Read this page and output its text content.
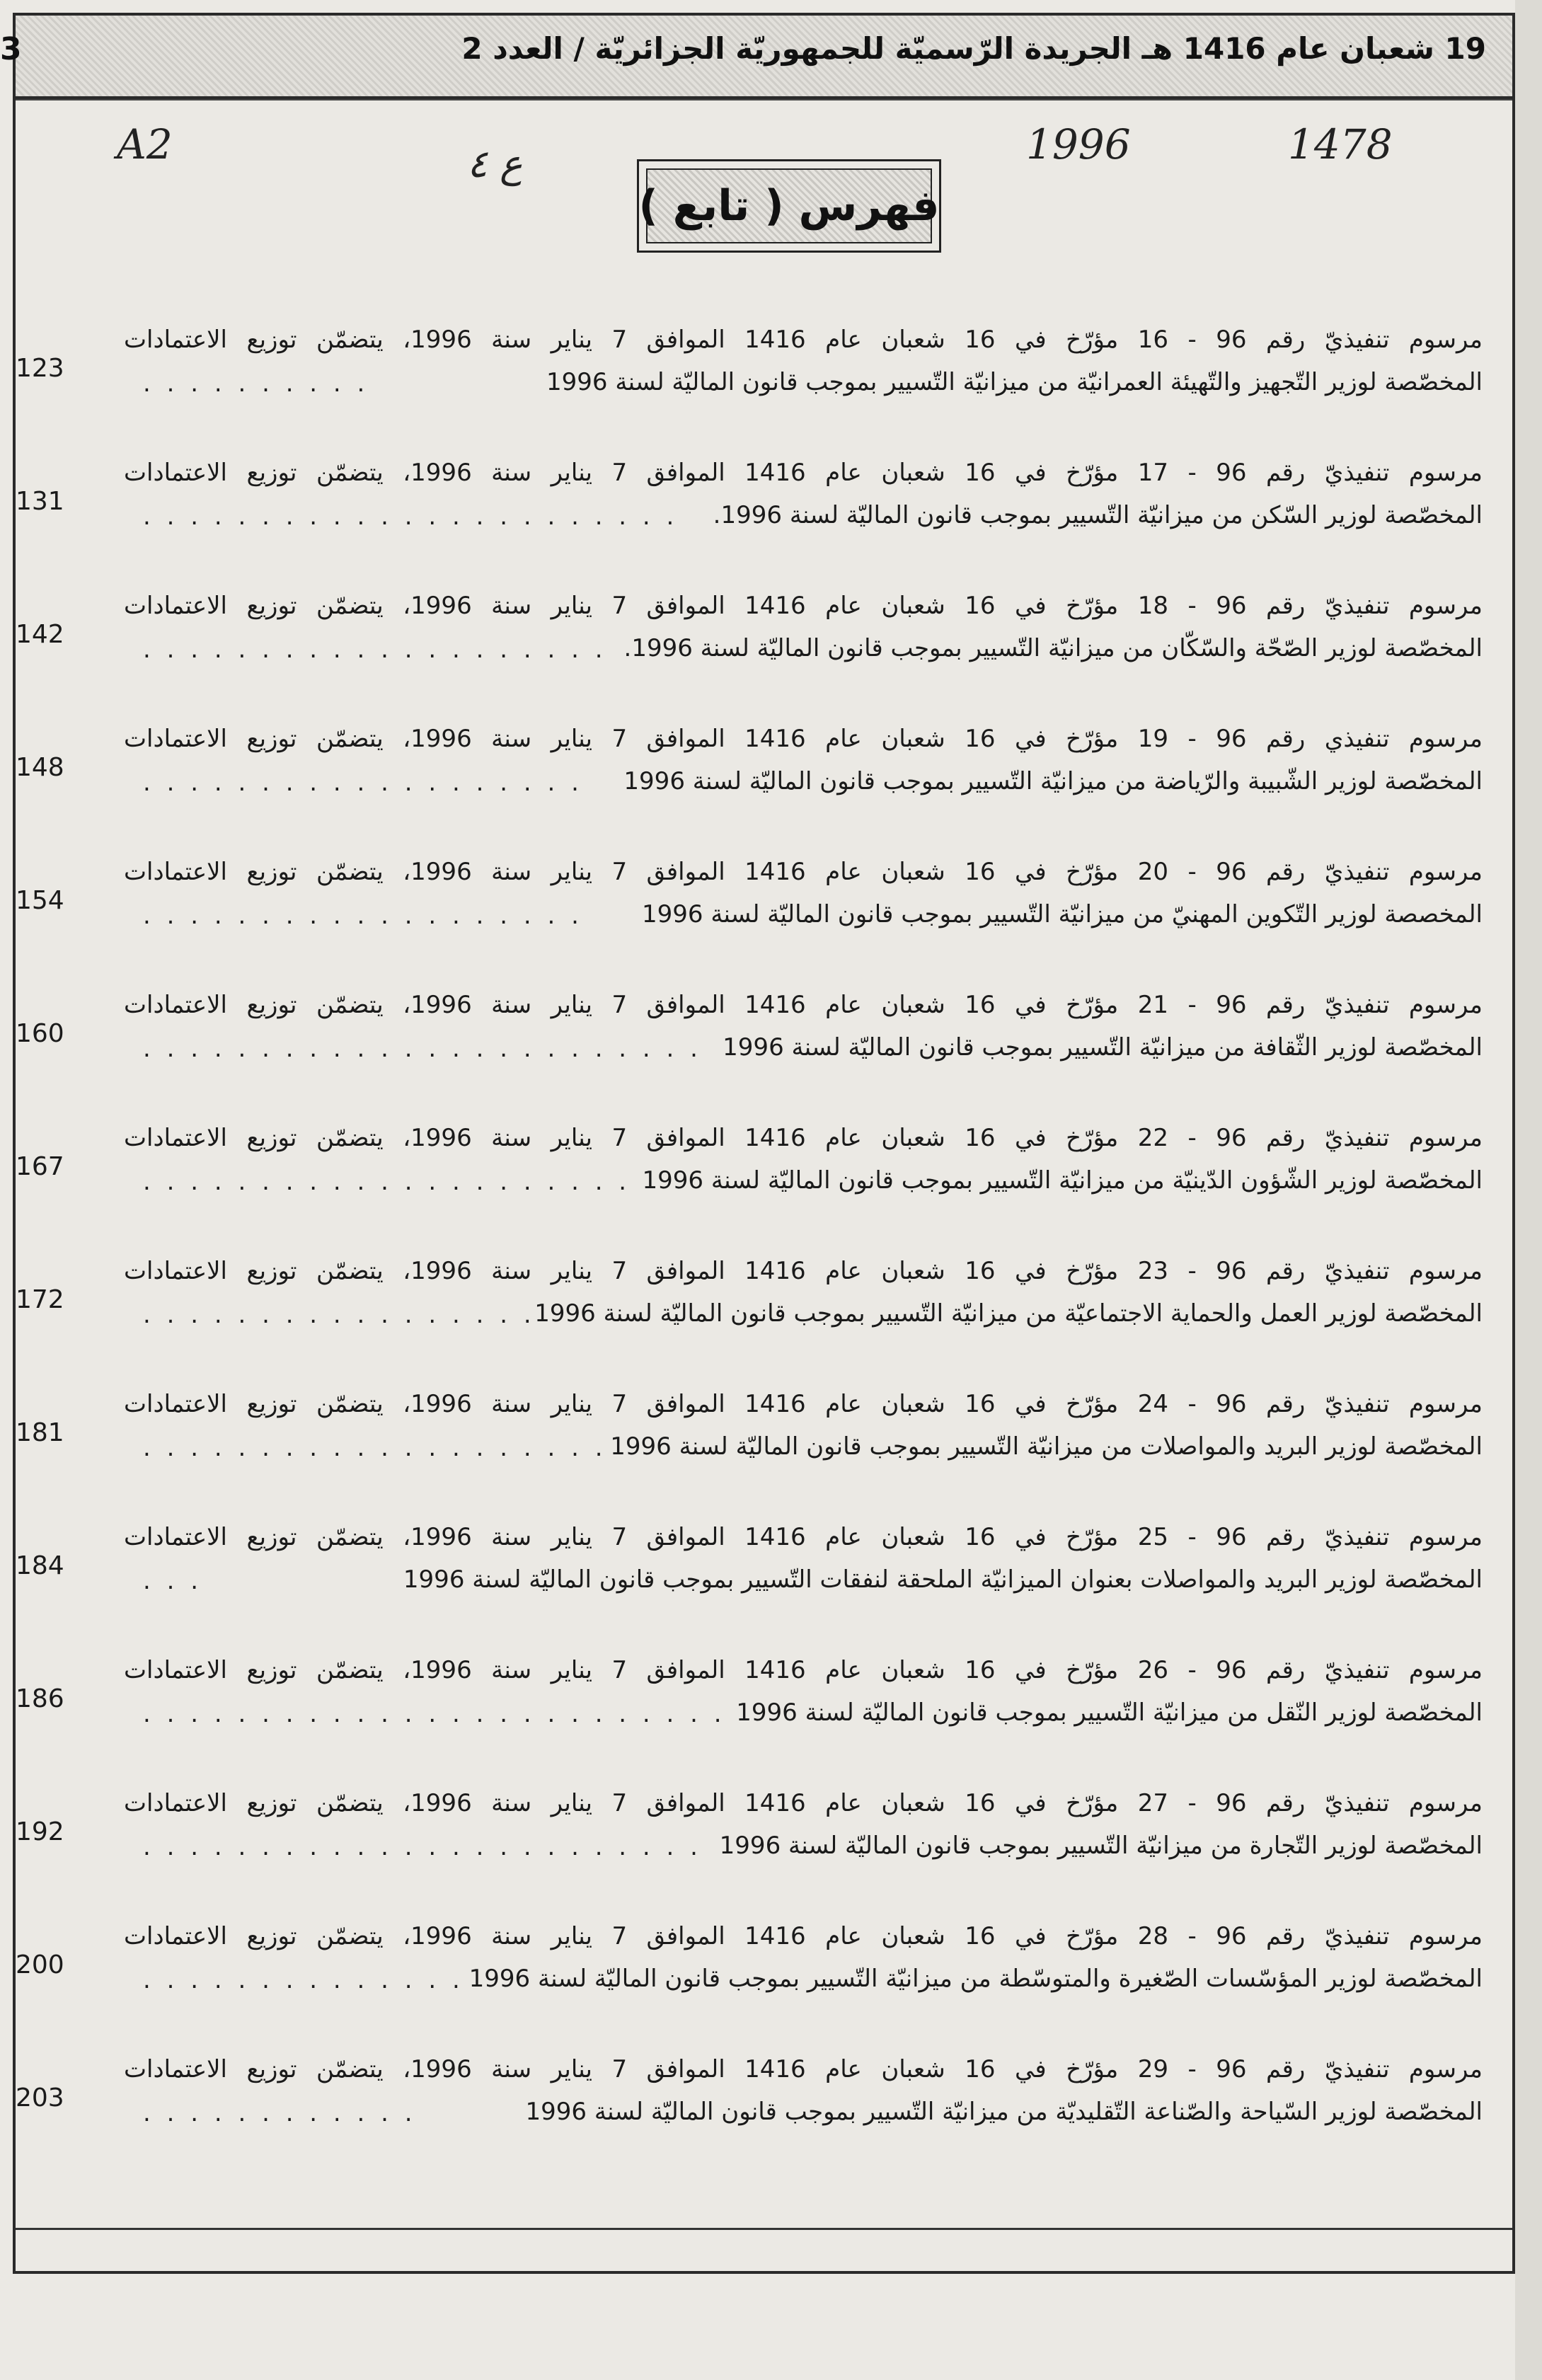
3	19 شعبان عام 1416 هـ الجريدة الرّسميّة للجمهوريّة الجزائريّة / العدد 2
A2	ع ٤	1996	1478
فهرس ( تابع )
مرسوم تنفيذيّ رقم 96 - 16 مؤرّخ في 16 شعبان عام 1416 الموافق 7 يناير سنة 1996، يتضمّن توزيع الاعتمادات
المخصّصة لوزير التّجهيز والتّهيئة العمرانيّة من ميزانيّة التّسيير بموجب قانون الماليّة لسنة 1996
. . . . . . . . . .
123
مرسوم تنفيذيّ رقم 96 - 17 مؤرّخ في 16 شعبان عام 1416 الموافق 7 يناير سنة 1996، يتضمّن توزيع الاعتمادات
المخصّصة لوزير السّكن من ميزانيّة التّسيير بموجب قانون الماليّة لسنة 1996.
. . . . . . . . . . . . . . . . . . . . . . .
131
مرسوم تنفيذيّ رقم 96 - 18 مؤرّخ في 16 شعبان عام 1416 الموافق 7 يناير سنة 1996، يتضمّن توزيع الاعتمادات
المخصّصة لوزير الصّحّة والسّكّان من ميزانيّة التّسيير بموجب قانون الماليّة لسنة 1996.
. . . . . . . . . . . . . . . . . . . .
142
مرسوم تنفيذي رقم 96 - 19 مؤرّخ في 16 شعبان عام 1416 الموافق 7 يناير سنة 1996، يتضمّن توزيع الاعتمادات
المخصّصة لوزير الشّبيبة والرّياضة من ميزانيّة التّسيير بموجب قانون الماليّة لسنة 1996
. . . . . . . . . . . . . . . . . . .
148
مرسوم تنفيذيّ رقم 96 - 20 مؤرّخ في 16 شعبان عام 1416 الموافق 7 يناير سنة 1996، يتضمّن توزيع الاعتمادات
المخصصة لوزير التّكوين المهنيّ من ميزانيّة التّسيير بموجب قانون الماليّة لسنة 1996
. . . . . . . . . . . . . . . . . . .
154
مرسوم تنفيذيّ رقم 96 - 21 مؤرّخ في 16 شعبان عام 1416 الموافق 7 يناير سنة 1996، يتضمّن توزيع الاعتمادات
المخصّصة لوزير الثّقافة من ميزانيّة التّسيير بموجب قانون الماليّة لسنة 1996
. . . . . . . . . . . . . . . . . . . . . . . .
160
مرسوم تنفيذيّ رقم 96 - 22 مؤرّخ في 16 شعبان عام 1416 الموافق 7 يناير سنة 1996، يتضمّن توزيع الاعتمادات
المخصّصة لوزير الشّؤون الدّينيّة من ميزانيّة التّسيير بموجب قانون الماليّة لسنة 1996
. . . . . . . . . . . . . . . . . . . . .
167
مرسوم تنفيذيّ رقم 96 - 23 مؤرّخ في 16 شعبان عام 1416 الموافق 7 يناير سنة 1996، يتضمّن توزيع الاعتمادات
المخصّصة لوزير العمل والحماية الاجتماعيّة من ميزانيّة التّسيير بموجب قانون الماليّة لسنة 1996
. . . . . . . . . . . . . . . . .
172
مرسوم تنفيذيّ رقم 96 - 24 مؤرّخ في 16 شعبان عام 1416 الموافق 7 يناير سنة 1996، يتضمّن توزيع الاعتمادات
المخصّصة لوزير البريد والمواصلات من ميزانيّة التّسيير بموجب قانون الماليّة لسنة 1996
. . . . . . . . . . . . . . . . . . . .
181
مرسوم تنفيذيّ رقم 96 - 25 مؤرّخ في 16 شعبان عام 1416 الموافق 7 يناير سنة 1996، يتضمّن توزيع الاعتمادات
المخصّصة لوزير البريد والمواصلات بعنوان الميزانيّة الملحقة لنفقات التّسيير بموجب قانون الماليّة لسنة 1996
. . .
184
مرسوم تنفيذيّ رقم 96 - 26 مؤرّخ في 16 شعبان عام 1416 الموافق 7 يناير سنة 1996، يتضمّن توزيع الاعتمادات
المخصّصة لوزير النّقل من ميزانيّة التّسيير بموجب قانون الماليّة لسنة 1996
. . . . . . . . . . . . . . . . . . . . . . . . .
186
مرسوم تنفيذيّ رقم 96 - 27 مؤرّخ في 16 شعبان عام 1416 الموافق 7 يناير سنة 1996، يتضمّن توزيع الاعتمادات
المخصّصة لوزير التّجارة من ميزانيّة التّسيير بموجب قانون الماليّة لسنة 1996
. . . . . . . . . . . . . . . . . . . . . . . .
192
مرسوم تنفيذيّ رقم 96 - 28 مؤرّخ في 16 شعبان عام 1416 الموافق 7 يناير سنة 1996، يتضمّن توزيع الاعتمادات
المخصّصة لوزير المؤسّسات الصّغيرة والمتوسّطة من ميزانيّة التّسيير بموجب قانون الماليّة لسنة 1996
. . . . . . . . . . . . . .
200
مرسوم تنفيذيّ رقم 96 - 29 مؤرّخ في 16 شعبان عام 1416 الموافق 7 يناير سنة 1996، يتضمّن توزيع الاعتمادات
المخصّصة لوزير السّياحة والصّناعة التّقليديّة من ميزانيّة التّسيير بموجب قانون الماليّة لسنة 1996
. . . . . . . . . . . .
203
